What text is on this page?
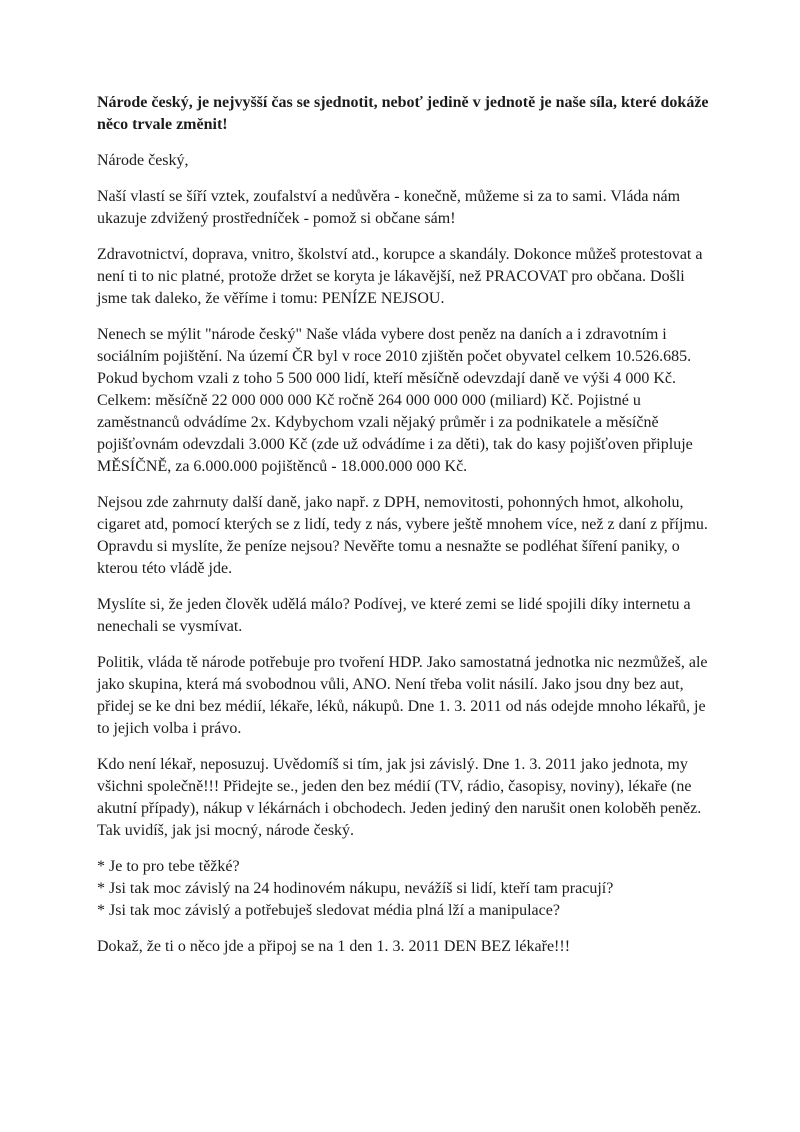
Národe český, je nejvyšší čas se sjednotit, neboť jedině v jednotě je naše síla, které dokáže něco trvale změnit!

Národe český,

Naší vlastí se šíří vztek, zoufalství a nedůvěra - konečně, můžeme si za to sami. Vláda nám ukazuje zdvižený prostředníček - pomož si občane sám!

Zdravotnictví, doprava, vnitro, školství atd., korupce a skandály. Dokonce můžeš protestovat a není ti to nic platné, protože držet se koryta je lákavější, než PRACOVAT pro občana. Došli jsme tak daleko, že věříme i tomu: PENÍZE NEJSOU.

Nenech se mýlit "národe český" Naše vláda vybere dost peněz na daních a i zdravotním i sociálním pojištění. Na území ČR byl v roce 2010 zjištěn počet obyvatel celkem 10.526.685. Pokud bychom vzali z toho 5 500 000 lidí, kteří měsíčně odevzdají daně ve výši 4 000 Kč. Celkem: měsíčně 22 000 000 000 Kč ročně 264 000 000 000 (miliard) Kč. Pojistné u zaměstnanců odvádíme 2x. Kdybychom vzali nějaký průměr i za podnikatele a měsíčně pojišťovnám odevzdali 3.000 Kč (zde už odvádíme i za děti), tak do kasy pojišťoven připluje MĚSÍČNĚ, za 6.000.000 pojištěnců - 18.000.000 000 Kč.

Nejsou zde zahrnuty další daně, jako např. z DPH, nemovitosti, pohonných hmot, alkoholu, cigaret atd, pomocí kterých se z lidí, tedy z nás, vybere ještě mnohem více, než z daní z příjmu. Opravdu si myslíte, že peníze nejsou? Nevěřte tomu a nesnažte se podléhat šíření paniky, o kterou této vládě jde.

Myslíte si, že jeden člověk udělá málo? Podívej, ve které zemi se lidé spojili díky internetu a nenechali se vysmívat.

Politik, vláda tě národe potřebuje pro tvoření HDP. Jako samostatná jednotka nic nezmůžeš, ale jako skupina, která má svobodnou vůli, ANO. Není třeba volit násilí. Jako jsou dny bez aut, přidej se ke dni bez médií, lékaře, léků, nákupů. Dne 1. 3. 2011 od nás odejde mnoho lékařů, je to jejich volba i právo.

Kdo není lékař, neposuzuj. Uvědomíš si tím, jak jsi závislý. Dne 1. 3. 2011 jako jednota, my všichni společně!!! Přidejte se., jeden den bez médií (TV, rádio, časopisy, noviny), lékaře (ne akutní případy), nákup v lékárnách i obchodech. Jeden jediný den narušit onen koloběh peněz. Tak uvidíš, jak jsi mocný, národe český.

* Je to pro tebe těžké?

* Jsi tak moc závislý na 24 hodinovém nákupu, nevážíš si lidí, kteří tam pracují?

* Jsi tak moc závislý a potřebuješ sledovat média plná lží a manipulace?

Dokaž, že ti o něco jde a připoj se na 1 den 1. 3. 2011 DEN BEZ lékaře!!!
